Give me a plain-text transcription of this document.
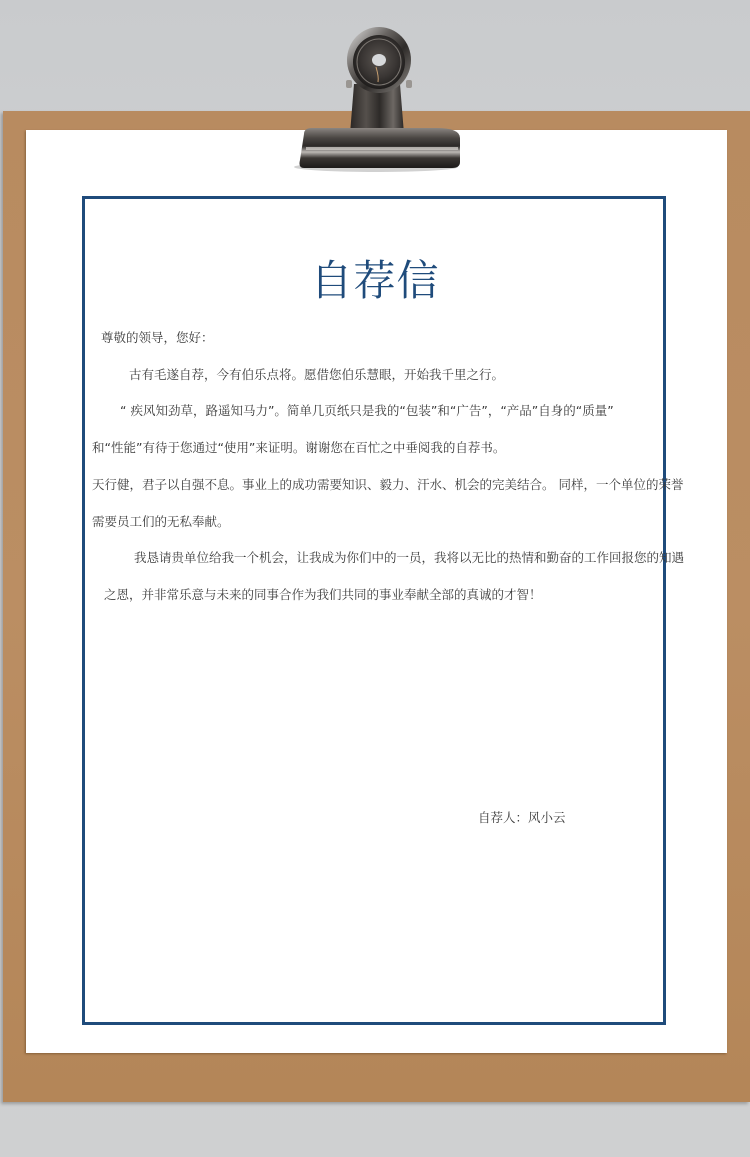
自荐信
尊敬的领导，您好：
古有毛遂自荐，今有伯乐点将。愿借您伯乐慧眼，开始我千里之行。
“ 疾风知劲草，路遥知马力”。简单几页纸只是我的“包装”和“广告”，“产品”自身的“质量”
和“性能”有待于您通过“使用”来证明。谢谢您在百忙之中垂阅我的自荐书。
天行健，君子以自强不息。事业上的成功需要知识、毅力、汗水、机会的完美结合。 同样，一个单位的荣誉
需要员工们的无私奉献。
我恳请贵单位给我一个机会，让我成为你们中的一员，我将以无比的热情和勤奋的工作回报您的知遇
之恩，并非常乐意与未来的同事合作为我们共同的事业奉献全部的真诚的才智！
自荐人：风小云
